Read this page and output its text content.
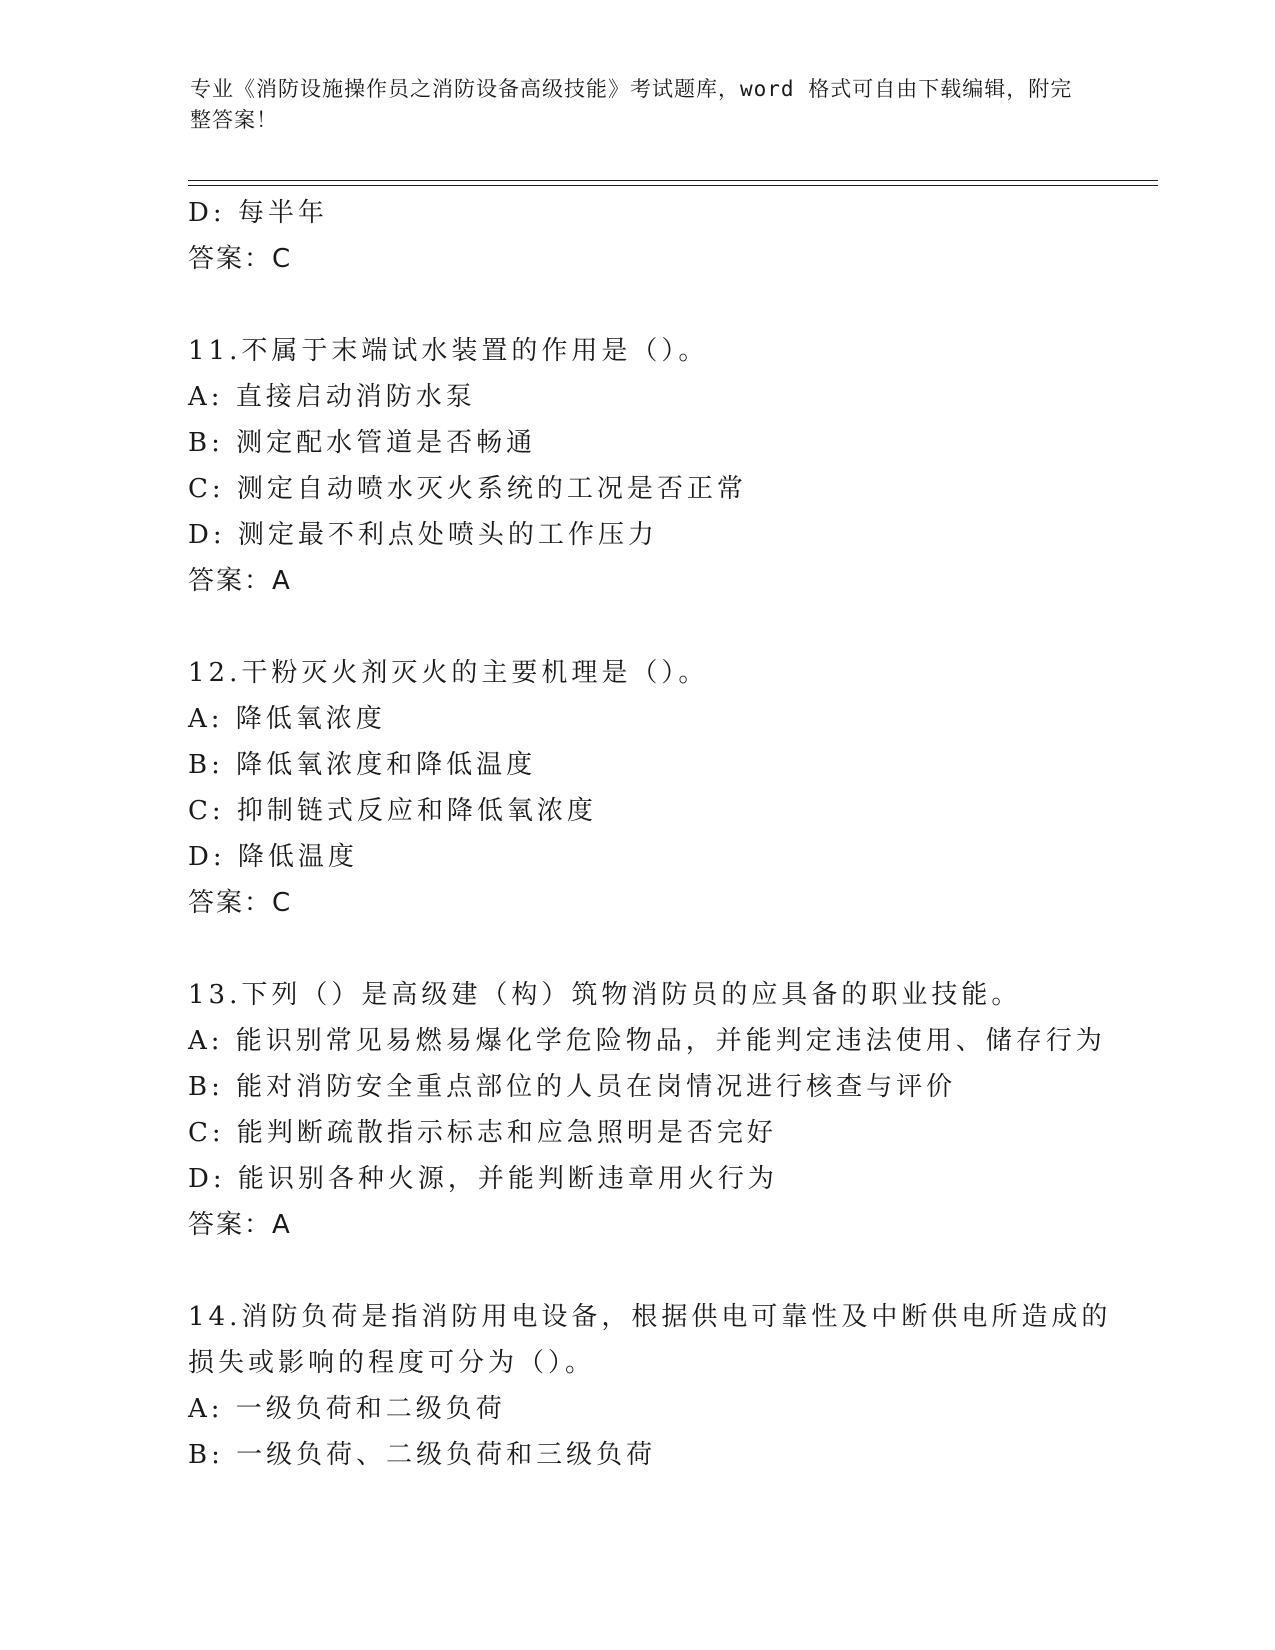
专业《消防设施操作员之消防设备高级技能》考试题库，word 格式可自由下载编辑，附完整答案！
D: 每半年
答案：C
11.不属于末端试水装置的作用是（）。
A: 直接启动消防水泵
B: 测定配水管道是否畅通
C: 测定自动喷水灭火系统的工况是否正常
D: 测定最不利点处喷头的工作压力
答案：A
12.干粉灭火剂灭火的主要机理是（）。
A: 降低氧浓度
B: 降低氧浓度和降低温度
C: 抑制链式反应和降低氧浓度
D: 降低温度
答案：C
13.下列（）是高级建（构）筑物消防员的应具备的职业技能。
A: 能识别常见易燃易爆化学危险物品，并能判定违法使用、储存行为
B: 能对消防安全重点部位的人员在岗情况进行核查与评价
C: 能判断疏散指示标志和应急照明是否完好
D: 能识别各种火源，并能判断违章用火行为
答案：A
14.消防负荷是指消防用电设备，根据供电可靠性及中断供电所造成的
损失或影响的程度可分为（）。
A: 一级负荷和二级负荷
B: 一级负荷、二级负荷和三级负荷
